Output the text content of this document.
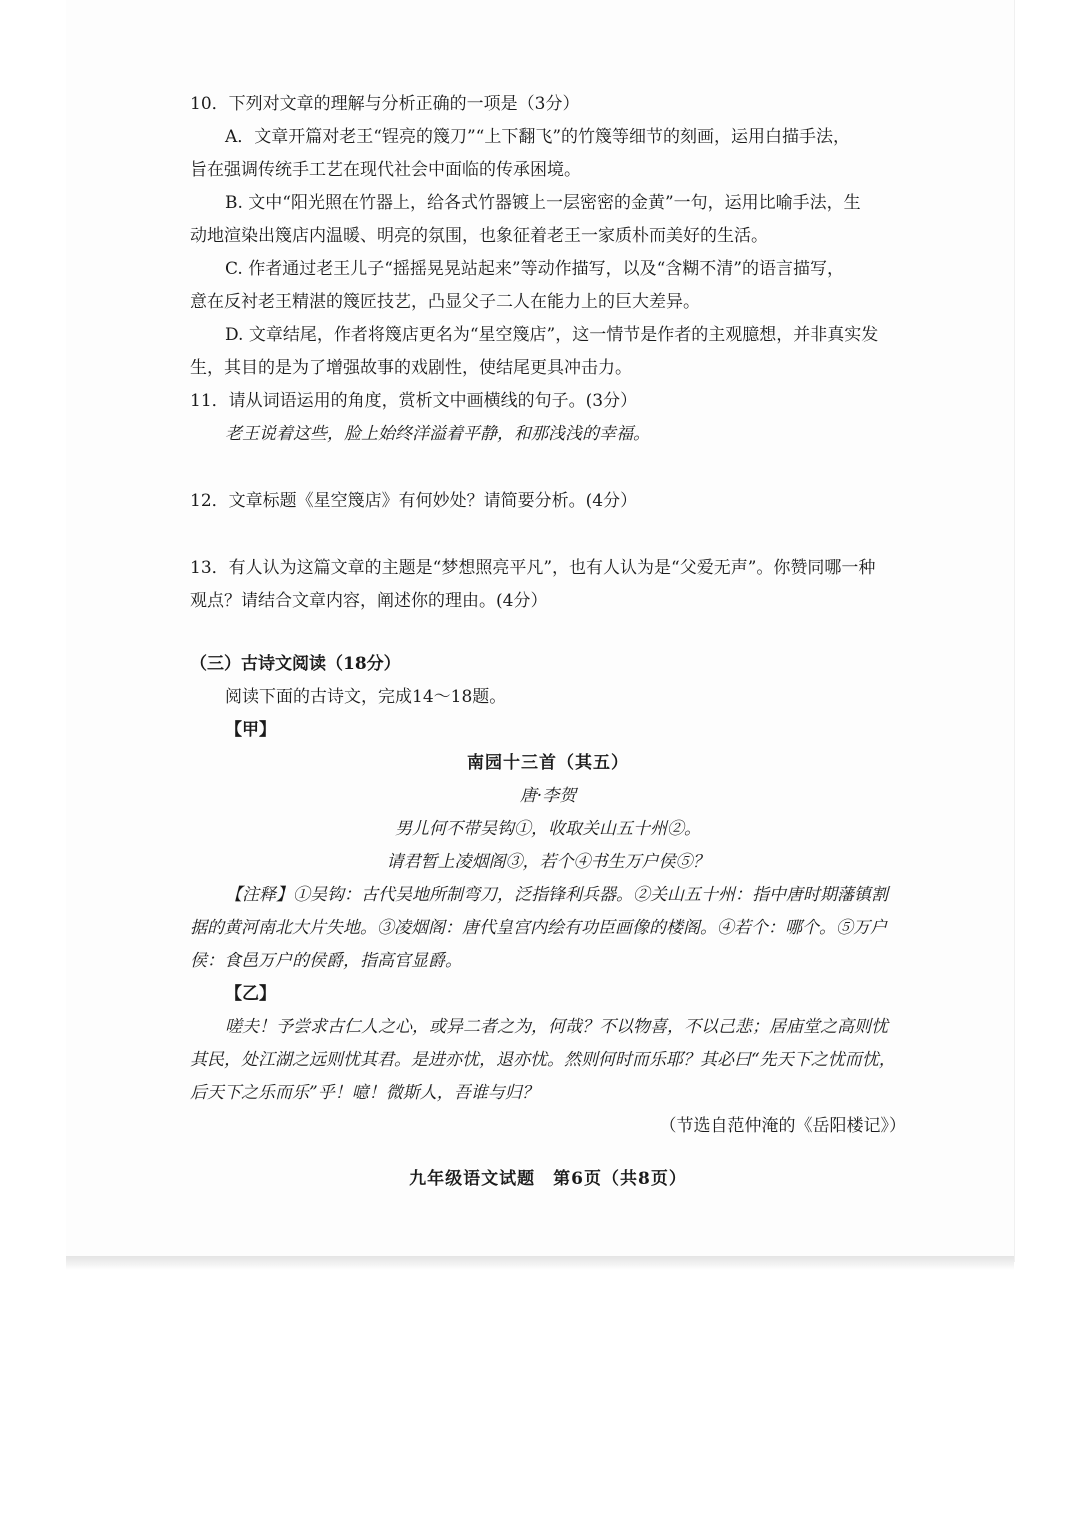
10．下列对文章的理解与分析正确的一项是（3分）
A．文章开篇对老王“锃亮的篾刀”“上下翻飞”的竹篾等细节的刻画，运用白描手法，
旨在强调传统手工艺在现代社会中面临的传承困境。
B. 文中“阳光照在竹器上，给各式竹器镀上一层密密的金黄”一句，运用比喻手法，生
动地渲染出篾店内温暖、明亮的氛围，也象征着老王一家质朴而美好的生活。
C. 作者通过老王儿子“摇摇晃晃站起来”等动作描写，以及“含糊不清”的语言描写，
意在反衬老王精湛的篾匠技艺，凸显父子二人在能力上的巨大差异。
D. 文章结尾，作者将篾店更名为“星空篾店”，这一情节是作者的主观臆想，并非真实发
生，其目的是为了增强故事的戏剧性，使结尾更具冲击力。
11．请从词语运用的角度，赏析文中画横线的句子。(3分）
老王说着这些，脸上始终洋溢着平静，和那浅浅的幸福。
12．文章标题《星空篾店》有何妙处？请简要分析。(4分）
13．有人认为这篇文章的主题是“梦想照亮平凡”，也有人认为是“父爱无声”。你赞同哪一种
观点？请结合文章内容，阐述你的理由。(4分）
（三）古诗文阅读（18分）
阅读下面的古诗文，完成14～18题。
【甲】
南园十三首（其五）
唐·李贺
男儿何不带吴钩①，收取关山五十州②。
请君暂上凌烟阁③，若个④书生万户侯⑤？
【注释】①吴钩：古代吴地所制弯刀，泛指锋利兵器。②关山五十州：指中唐时期藩镇割
据的黄河南北大片失地。③凌烟阁：唐代皇宫内绘有功臣画像的楼阁。④若个：哪个。⑤万户
侯：食邑万户的侯爵，指高官显爵。
【乙】
嗟夫！予尝求古仁人之心，或异二者之为，何哉？不以物喜，不以己悲；居庙堂之高则忧
其民，处江湖之远则忧其君。是进亦忧，退亦忧。然则何时而乐耶？其必曰“先天下之忧而忧，
后天下之乐而乐”乎！噫！微斯人，吾谁与归？
（节选自范仲淹的《岳阳楼记》）
九年级语文试题　第6页（共8页）
